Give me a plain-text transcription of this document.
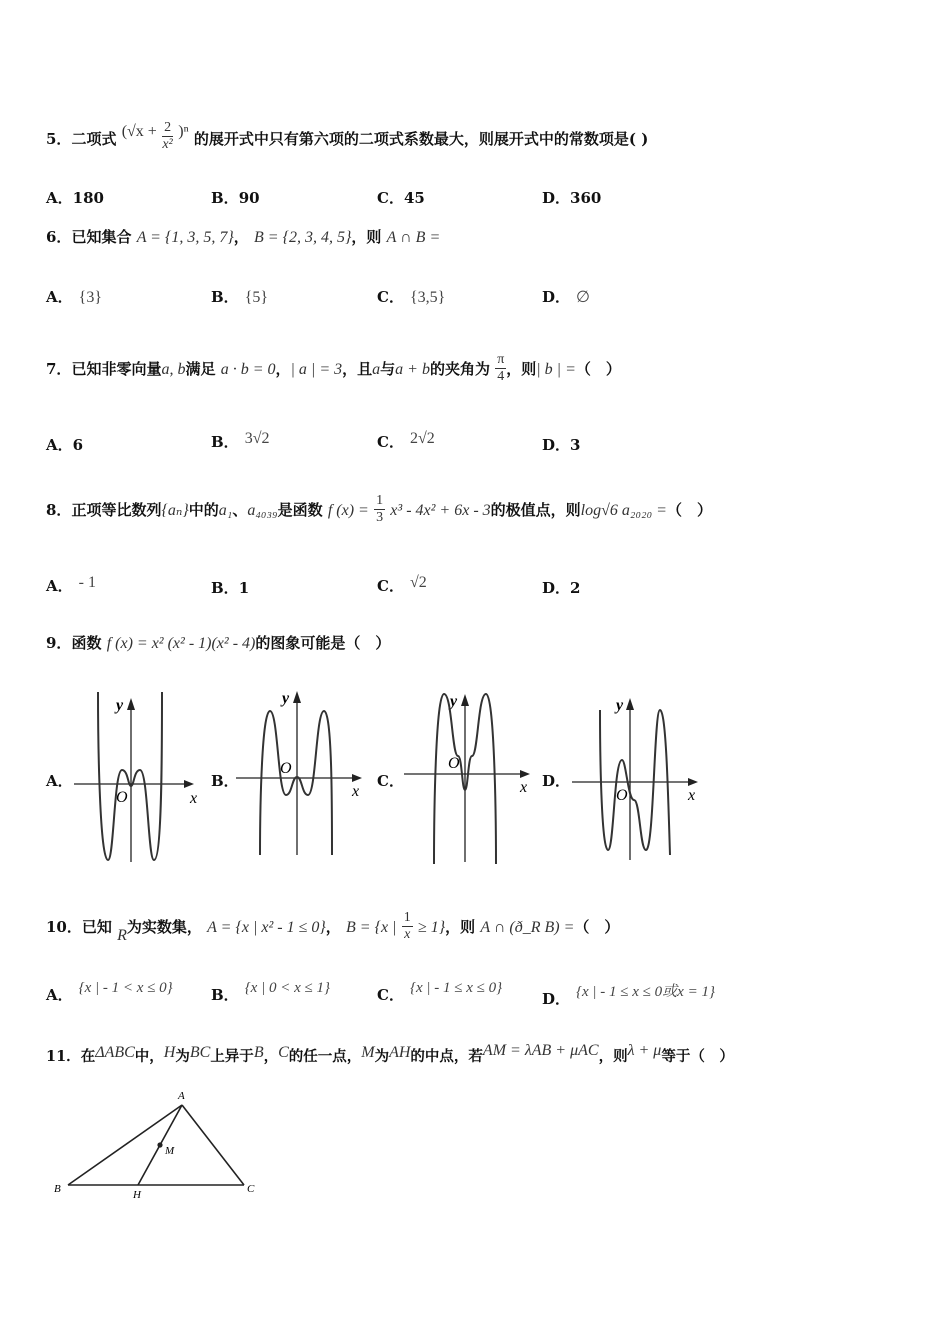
5．二项式 $(√x + \frac{2}{\text{x²}} )^n$ 的展开式中只有第六项的二项式系数最大，则展开式中的常数项是( )
A．180	B．90	C．45	D．360
6．已知集合 A = {1, 3, 5, 7}， B = {2, 3, 4, 5}，则 A ∩ B =
A． {3}	B． {5}	C． {3,5}	D． ∅
7．已知非零向量a, b满足 a · b = 0，| a | = 3，且a与a + b的夹角为 $\frac{\pi}{4}$ ，则| b | =（　）
A．6	B． 3√2	C． 2√2	D．3
8．正项等比数列{aₙ}中的a₁、a₄₀₃₉是函数 f $(x) = \frac{1}{3} x^3 - 4x^2 + 6x - 3$的极值点，则log√6 a₂₀₂₀ =（　）
A． - 1	B．1	C． √2	D．2
9．函数 f (x) = x² (x² - 1)(x² - 4)的图象可能是（　）
A．	B．	C．	D．
y
x
O
y
x
O
y
x
O
y
x
O
10．已知 R为实数集， A = {x | x² - 1 ≤ 0}， B = {x | $\frac{1}{x} \ge 1$}，则 A ∩ (ð_R B) =（　）
A． {x | - 1 < x ≤ 0}	B． {x | 0 < x ≤ 1}	C． {x | - 1 ≤ x ≤ 0}
D． {x | - 1 ≤ x ≤ 0或x = 1}
11．在ΔABC中，H为BC上异于B，C的任一点，M为AH的中点，若AM = λAB + μAC，则λ + μ等于（　）
A
B	C
H
M
